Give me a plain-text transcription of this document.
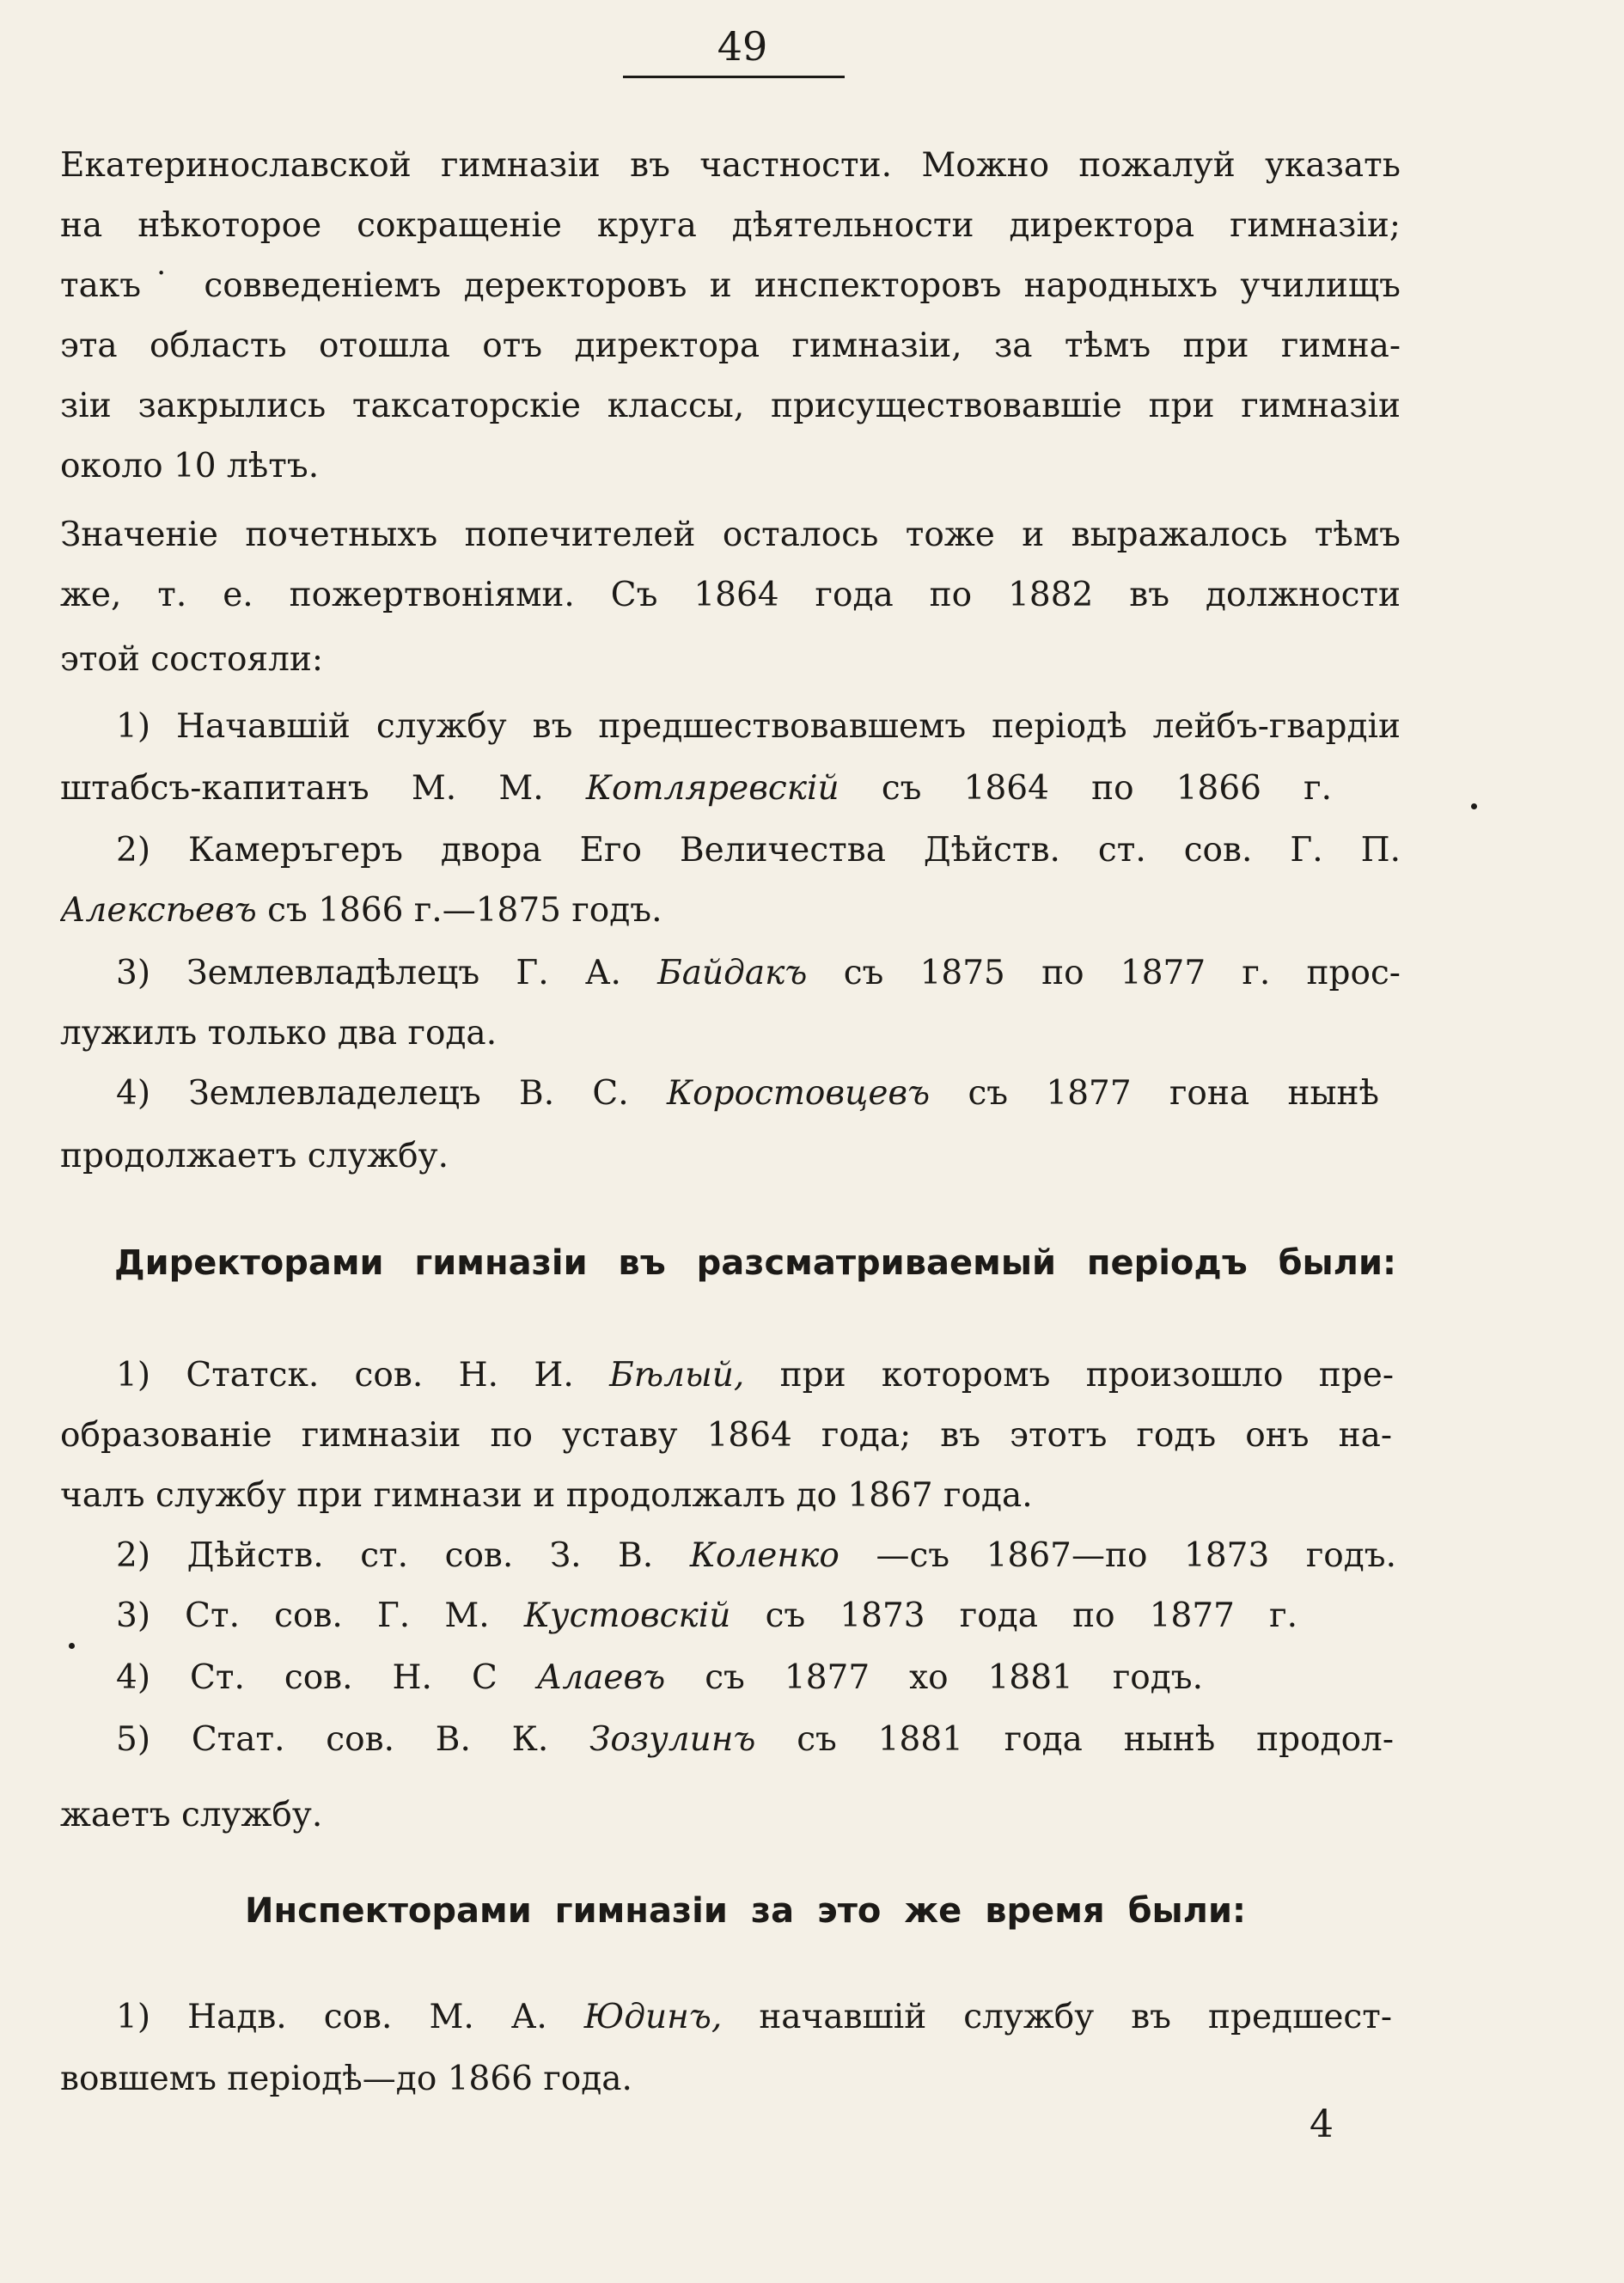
49
Екатеринославской гимназіи въ частности. Можно пожалуй указать
на нѣкоторое сокращеніе круга дѣятельности директора гимназіи;
такъ˙ совведеніемъ деректоровъ и инспекторовъ народныхъ училищъ
эта область отошла отъ директора гимназіи, за тѣмъ при гимна-
зіи закрылись таксаторскіе классы, присуществовавшіе при гимназіи
около 10 лѣтъ.
Значеніе почетныхъ попечителей осталось тоже и выражалось тѣмъ
же, т. е. пожертвоніями. Съ 1864 года по 1882 въ должности
этой состояли:
1) Начавшій службу въ предшествовавшемъ періодѣ лейбъ-гвардіи
штабсъ-капитанъ М. М. Котляревскій съ 1864 по 1866 г.
2) Камеръгеръ двора Его Величества Дѣйств. ст. сов. Г. П.
Алексѣевъ съ 1866 г.—1875 годъ.
3) Землевладѣлецъ Г. А. Байдакъ съ 1875 по 1877 г. прос-
лужилъ только два года.
4) Землевладелецъ В. С. Коростовцевъ съ 1877 гона нынѣ
продолжаетъ службу.
Директорами гимназіи въ разсматриваемый періодъ были:
1) Статск. сов. Н. И. Бѣлый, при которомъ произошло пре-
образованіе гимназіи по уставу 1864 года; въ этотъ годъ онъ на-
чалъ службу при гимнази и продолжалъ до 1867 года.
2) Дѣйств. ст. сов. З. В. Коленко —съ 1867—по 1873 годъ.
3) Ст. сов. Г. М. Кустовскій съ 1873 года по 1877 г.
4) Ст. сов. Н. С Алаевъ съ 1877 хо 1881 годъ.
5) Стат. сов. В. К. Зозулинъ съ 1881 года нынѣ продол-
жаетъ службу.
Инспекторами гимназіи за это же время были:
1) Надв. сов. М. А. Юдинъ, начавшій службу въ предшест-
вовшемъ періодѣ—до 1866 года.
4
